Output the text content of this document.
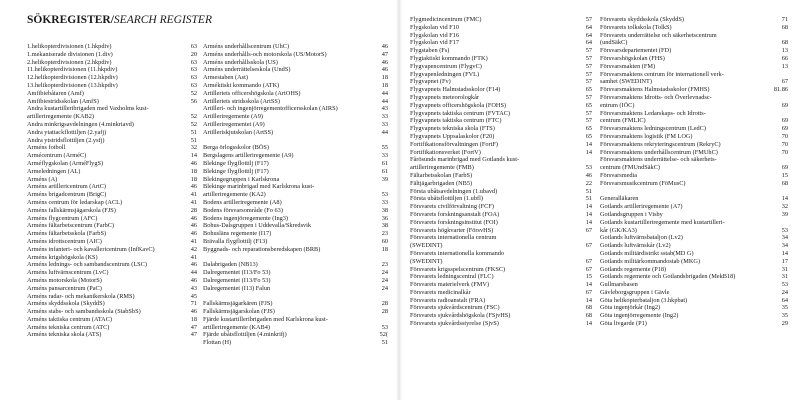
SÖKREGISTER/SEARCH REGISTER
1.helikopterdivisionen (1.hkpdiv)	63
1.mekaniserade divisionen (1.div)	20
2.helikopterdivisionen (2.hkpdiv)	63
11.helikopterdivisionen (11.hkpdiv)	63
12.helikopterdivisionen (12.hkpdiv)	63
13.helikopterdivisionen (13.hkpdiv)	63
Amfibiebåtaren (Amf)	52
Amfibiestridsskolan (AmfS)	56
Andra kustartilleribrigaden med Vaxholms kust-
artilleriregemente (KAB2)	52
Andra minkrigsavdelningen (4.minkriavd)	52
Andra ytattackflottiljen (2.yafj)	51
Andra ytstridsflottiljen (2.ysfj)	51
Arméns fotboll	32
Armécentrum (ArméC)	14
Arméflygskolan (ArméFlygS)	46
Armeledningen (AL)	18
Arméns (A)	18
Arméns artillericentrum (ArtC)	46
Arméns brigadcentrum (BrigC)	41
Arméns centrum för ledarskap (ACL)	41
Arméns fallskärmsjägarskola (FJS)	28
Arméns flygcentrum (AFC)	46
Arméns fältarbetscentrum (FarbC)	46
Arméns fältarbetsskola (FarbS)	46
Arméns idrottscentrum (AIC)	41
Arméns infanteri- och kavallericentrum (InfKavC)	42
Arméns krigshögskola (KS)	41
Arméns lednings- och sambandscentrum (LSC)	46
Arméns luftvärnscentrum (LvC)	44
Arméns motorskola (MotorS)	46
Arméns pansarcentrum (PaC)	43
Arméns radar- och mekanikerskola (RMS)	45
Arméns skyddsskola (SkyddS)	71
Arméns stabs- och sambandsskola (StabSbS)	46
Arméns taktiska centrum (ATAC)	18
Arméns tekniska centrum (ATC)	47
Arméns tekniska skola (ATS)	47
Arméns underhållscentrum (UhC)	46
Arméns underhålls-och motorskola (US/MotorS)	47
Arméns underhållsskola (US)	46
Arméns underrättelseskola (UndS)	46
Armestaben (Ast)	18
Arméktiskt kommando (ATK)	18
Artilleriets officershögskola (ArtOHS)	44
Artilleriets stridsskola (ArtSS)	44
Artilleri- och ingenjörregementofficersskolan (AIRS)	43
Artilleriregemente (A9)	33
Artilleriregementet (A9)	33
Artilleriskjutskolan (ArtSS)	44
Berga örlogsskolor (BÖS)	55
Bergslagens artilleriregemente (A9)	33
Blekinge flygflottilj (F17)	61
Blekinge flygflottilj (F17)	61
Blekingegruppen i Karlskrona	39
Blekinge marinbrigad med Karlskrona kust-
artilleriregemente (KA2)	53
Bodens artilleriregemente (A8)	33
Bodens försvarsområde (Fo 63)	38
Bodens ingenjörregemente (Ing3)	36
Bohus-Dalsgruppen i Uddevalla/Skredsvik	38
Bohusläns regemente (I17)	23
Brävalla flygflottilj (F13)	60
Byggnads- och reparationsberedskapen (BRB)	18
Dalabrigaden (NB13)	23
Dalregementet (I13/Fo 53)	24
Dalregementet (I13/Fo 53)	24
Dalregementet (I13) Falun	24
Fallskärmsjägarkären (FJS)	28
Fallskärmsjägarskolan (FJS)	28
Fjärde kustartilleribrigaden med Karlskrona kust-
artilleriregemente (KAB4)	53
Fjärde ubåtsflottiljen (4.minkrifj)	52(
Flottan (H)	51
Flygmedicincentrum (FMC)	57
Flygskolan vid F10	64
Flygskolan vid F16	64
Flygskolan vid F17	64
Flygstaben (Fs)	57
Flygtaktiskt kommando (FTK)	57
Flygvapencentrum (FlygvC)	57
Flygvapenledningen (FVL)	57
Flygvapnet (Fv)	57
Flygvapnets Halmstadsskolor (F14)	65
Flygvapnets meteorologkår	57
Flygvapnets officershögskola (FOHS)	65
Flygvapnets taktiska centrum (FVTAC)	57
Flygvapnets taktiska centrum (FTC)	57
Flygvapnets tekniska skola (FTS)	65
Flygvapnets Uppsalaskolor (F20)	65
Fortifikationsförvaltningen (FortF)	14
Fortifikationsverket (FortV)	14
Fårösunds marinbrigad med Gotlands kust-
artilleriregemente (FMB)	53
Fältarbetsskolan (FarbS)	46
Fältjägarbrigaden (NB5)	22
Första ubåtsavdelningen (1.ubavd)	51
Första ubåtsflottiljen (1.ubfl)	51
Försvarets civilförvaltning (FCF)	14
Försvarets forskningsanstalt (FOA)	14
Försvarets forskningsinstitut (FOI)	14
Försvarets högkvarter (FörsvHS)	67
Försvarets internationella centrum
(SWEDINT)	67
Försvarets internationella kommando
(SWEDINT)	67
Försvarets krigsspelscentrum (FKSC)	67
Försvarets ledningscentral (FLC)	15
Försvarets materielverk (FMV)	14
Försvarets medicinalkår	67
Försvarets radioanstalt (FRA)	14
Försvarets sjukvårdscentrum (FSC)	68
Försvarets sjukvårdshögskola (FSjvHS)	68
Försvarets sjukvårdsstyrelse (SjvS)	14
Försvarets skyddsskola (SkyddS)	71
Försvarets tolkskola (TolkS)	68
Försvarets underrättelse och säkerhetscentrum
(undSäkC)	68
Försvarsdepartementet (FD)	13
Försvarshögskolan (FHS)	66
Försvarsmakten (FM)	13
Försvarsmaktens centrum för internationell verk-
samhet (SWEDINT)	67
Försvarsmaktens Halmstadsskolor (FMHS)	81.86
Försvarsmaktens Idrotts- och Överlevnadsc-
entrum (IÖC)	69
Försvarsmaktens Ledarskaps- och Idrotts-
centrum (FMLIC)	69
Försvarsmaktens ledningscentrum (LedC)	69
Försvarsmaktens logistik (FM LOG)	70
Försvarsmaktens rekryteringscentrum (RekryC)	70
Försvarsmaktens underhållscentrum (FMUhC)	70
Försvarsmaktens underrättelse- och säkerhets-
centrum (FMUndSäkC)	69
Försvarsmedia	15
Försvarsmusikcentrum (FöMusC)	68
Generalläkaren	14
Gotlands artilleriregemente (A7)	32
Gotlandsgruppen i Visby	39
Gotlands kustartilleriregemente med kustartilleri-
kår (GK/KA3)	53
Gotlands luftvärnsbataljon (Lv2)	34
Gotlands luftvärnskår (Lv2)	34
Gotlands militärdistrikt sstab(MD G)	14
Gotlands militärkommandostab (MKG)	17
Gotlands regemente (P18)	31
Gotlands regemente och Gotlandsbrigaden (MekB18)	31
Gullmarsbasen	53
Gävleborgsgruppen i Gävle	24
Göta helikopterbataljon (3.hkpbat)	64
Göta ingenjörkår (Ing2)	35
Göta ingenjörregemente (Ing2)	35
Göta livgarde (P1)	29
